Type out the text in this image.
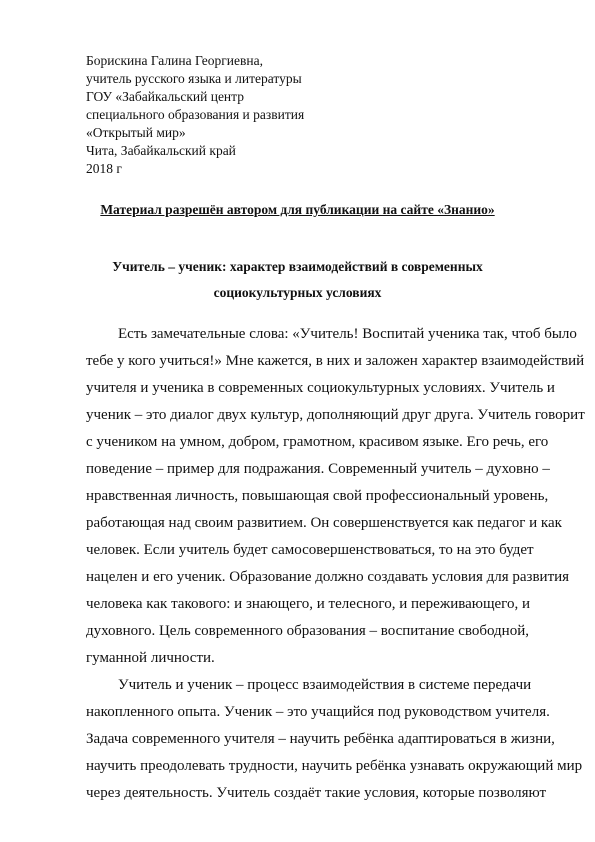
Борискина Галина Георгиевна,
учитель русского языка и литературы
ГОУ «Забайкальский центр
специального образования и развития
«Открытый мир»
Чита, Забайкальский край
2018 г
Материал разрешён автором для публикации на сайте «Знанио»
Учитель – ученик: характер взаимодействий в современных
социокультурных условиях
Есть замечательные слова: «Учитель! Воспитай ученика так, чтоб было
тебе у кого учиться!» Мне кажется, в них и заложен характер взаимодействий
учителя и ученика в современных социокультурных условиях. Учитель и
ученик – это диалог двух культур, дополняющий друг друга. Учитель говорит
с учеником на умном, добром, грамотном, красивом языке. Его речь, его
поведение – пример для подражания. Современный учитель – духовно –
нравственная личность, повышающая свой профессиональный уровень,
работающая над своим развитием. Он совершенствуется как педагог и как
человек. Если учитель будет самосовершенствоваться, то на это будет
нацелен и его ученик. Образование должно создавать условия для развития
человека как такового: и знающего, и телесного, и переживающего, и
духовного. Цель современного образования – воспитание свободной,
гуманной личности.
Учитель и ученик – процесс взаимодействия в системе передачи
накопленного опыта. Ученик – это учащийся под руководством учителя.
Задача современного учителя – научить ребёнка адаптироваться в жизни,
научить преодолевать трудности, научить ребёнка узнавать окружающий мир
через деятельность. Учитель создаёт такие условия, которые позволяют
